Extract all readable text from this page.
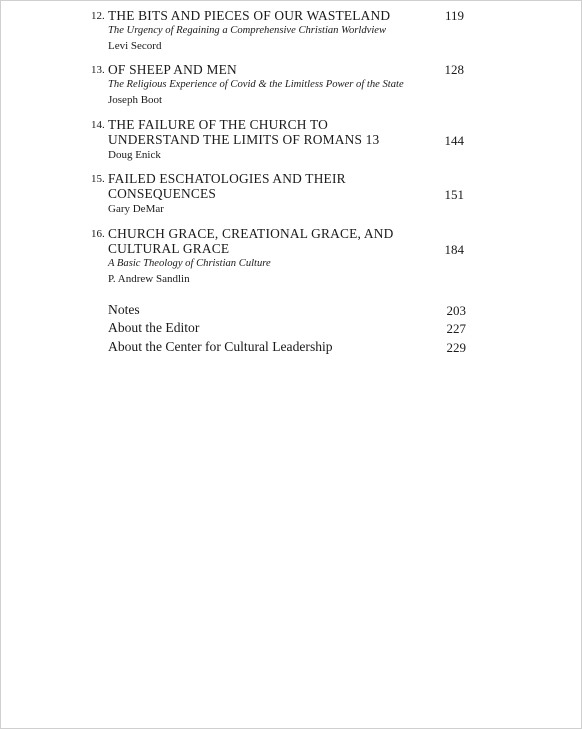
12. THE BITS AND PIECES OF OUR WASTELAND
The Urgency of Regaining a Comprehensive Christian Worldview
Levi Secord
119
13. OF SHEEP AND MEN
The Religious Experience of Covid & the Limitless Power of the State
Joseph Boot
128
14. THE FAILURE OF THE CHURCH TO
UNDERSTAND THE LIMITS OF ROMANS 13
Doug Enick
144
15. FAILED ESCHATOLOGIES AND THEIR
CONSEQUENCES
Gary DeMar
151
16. CHURCH GRACE, CREATIONAL GRACE, AND
CULTURAL GRACE
A Basic Theology of Christian Culture
P. Andrew Sandlin
184
Notes	203
About the Editor	227
About the Center for Cultural Leadership	229
